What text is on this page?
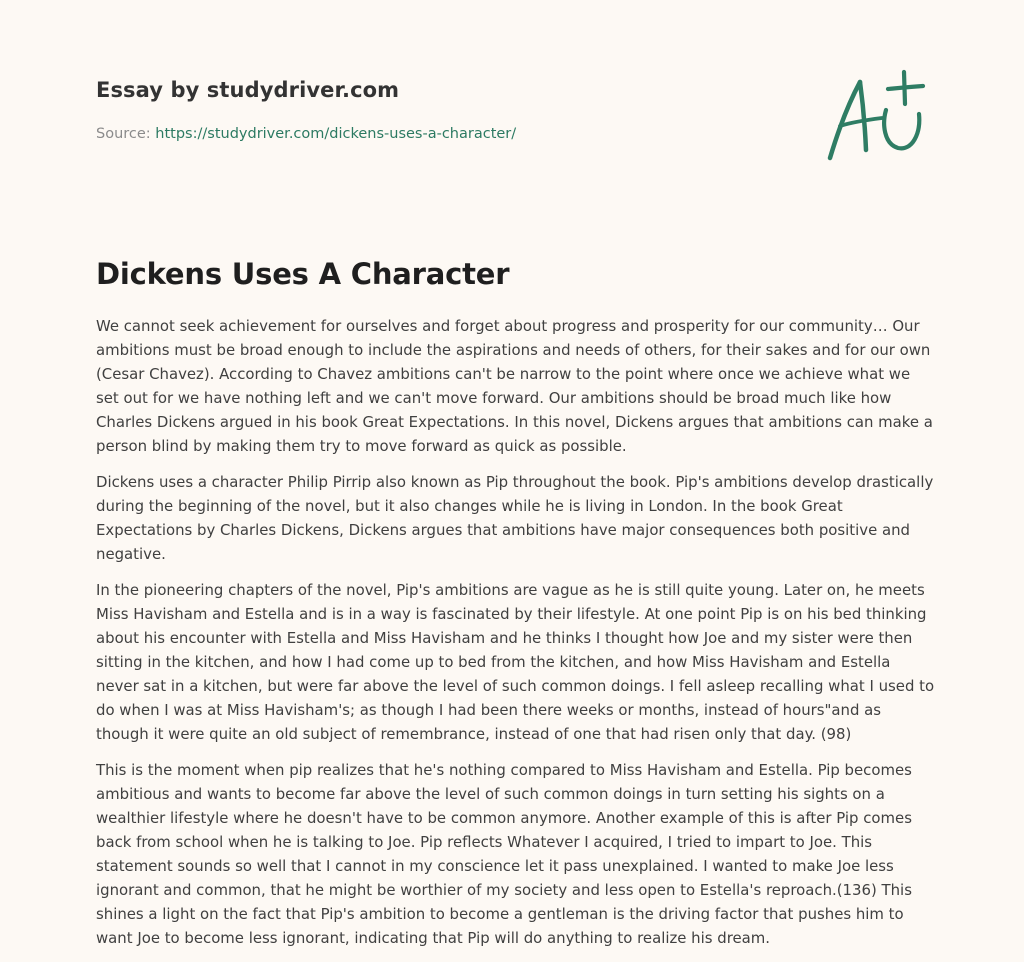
Essay by studydriver.com
Source: https://studydriver.com/dickens-uses-a-character/
Dickens Uses A Character

We cannot seek achievement for ourselves and forget about progress and prosperity for our community… Our ambitions must be broad enough to include the aspirations and needs of others, for their sakes and for our own (Cesar Chavez). According to Chavez ambitions can't be narrow to the point where once we achieve what we set out for we have nothing left and we can't move forward. Our ambitions should be broad much like how Charles Dickens argued in his book Great Expectations. In this novel, Dickens argues that ambitions can make a person blind by making them try to move forward as quick as possible.

Dickens uses a character Philip Pirrip also known as Pip throughout the book. Pip's ambitions develop drastically during the beginning of the novel, but it also changes while he is living in London. In the book Great Expectations by Charles Dickens, Dickens argues that ambitions have major consequences both positive and negative.

In the pioneering chapters of the novel, Pip's ambitions are vague as he is still quite young. Later on, he meets Miss Havisham and Estella and is in a way is fascinated by their lifestyle. At one point Pip is on his bed thinking about his encounter with Estella and Miss Havisham and he thinks I thought how Joe and my sister were then sitting in the kitchen, and how I had come up to bed from the kitchen, and how Miss Havisham and Estella never sat in a kitchen, but were far above the level of such common doings. I fell asleep recalling what I used to do when I was at Miss Havisham's; as though I had been there weeks or months, instead of hours"and as though it were quite an old subject of remembrance, instead of one that had risen only that day. (98)

This is the moment when pip realizes that he's nothing compared to Miss Havisham and Estella. Pip becomes ambitious and wants to become far above the level of such common doings in turn setting his sights on a wealthier lifestyle where he doesn't have to be common anymore. Another example of this is after Pip comes back from school when he is talking to Joe. Pip reflects Whatever I acquired, I tried to impart to Joe. This statement sounds so well that I cannot in my conscience let it pass unexplained. I wanted to make Joe less ignorant and common, that he might be worthier of my society and less open to Estella's reproach.(136) This shines a light on the fact that Pip's ambition to become a gentleman is the driving factor that pushes him to want Joe to become less ignorant, indicating that Pip will do anything to realize his dream.
